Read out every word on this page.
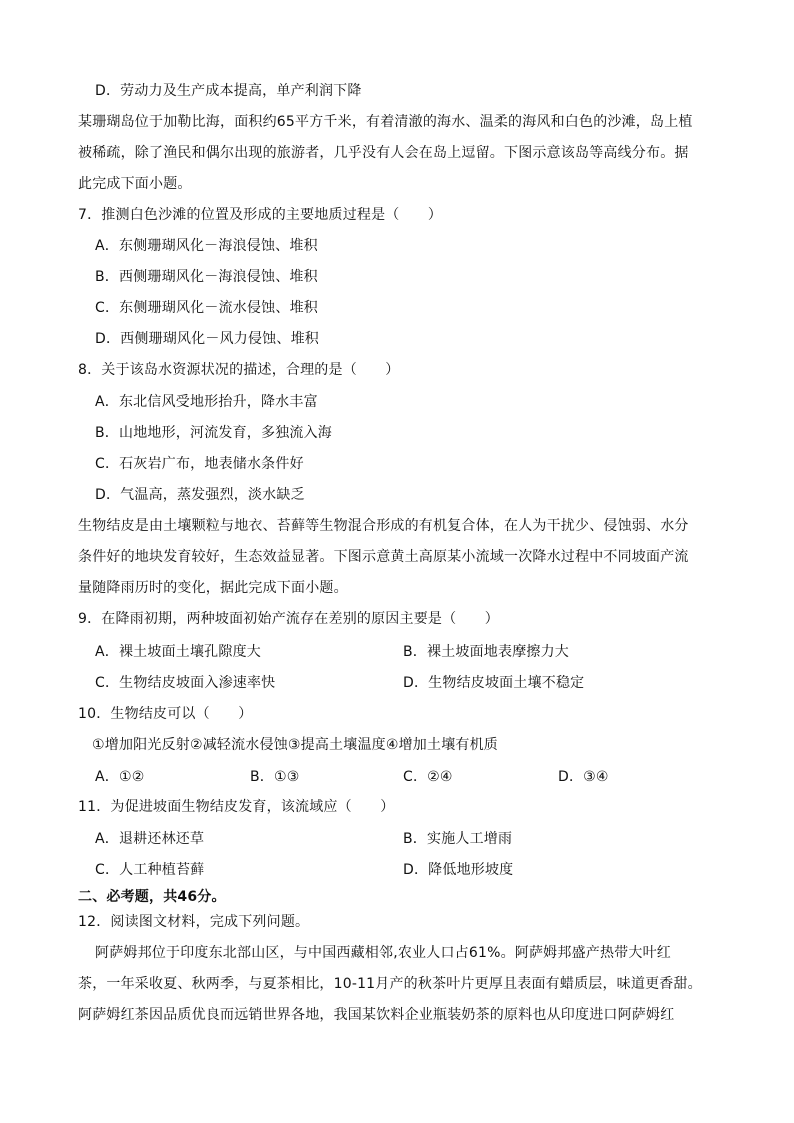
D．劳动力及生产成本提高，单产利润下降
某珊瑚岛位于加勒比海，面积约65平方千米，有着清澈的海水、温柔的海风和白色的沙滩，岛上植
被稀疏，除了渔民和偶尔出现的旅游者，几乎没有人会在岛上逗留。下图示意该岛等高线分布。据
此完成下面小题。
7．推测白色沙滩的位置及形成的主要地质过程是（　　）
A．东侧珊瑚风化－海浪侵蚀、堆积
B．西侧珊瑚风化－海浪侵蚀、堆积
C．东侧珊瑚风化－流水侵蚀、堆积
D．西侧珊瑚风化－风力侵蚀、堆积
8．关于该岛水资源状况的描述，合理的是（　　）
A．东北信风受地形抬升，降水丰富
B．山地地形，河流发育，多独流入海
C．石灰岩广布，地表储水条件好
D．气温高，蒸发强烈，淡水缺乏
生物结皮是由土壤颗粒与地衣、苔藓等生物混合形成的有机复合体，在人为干扰少、侵蚀弱、水分
条件好的地块发育较好，生态效益显著。下图示意黄土高原某小流域一次降水过程中不同坡面产流
量随降雨历时的变化，据此完成下面小题。
9．在降雨初期，两种坡面初始产流存在差别的原因主要是（　　）
A．裸土坡面土壤孔隙度大	B．裸土坡面地表摩擦力大
C．生物结皮坡面入渗速率快	D．生物结皮坡面土壤不稳定
10．生物结皮可以（　　）
①增加阳光反射②减轻流水侵蚀③提高土壤温度④增加土壤有机质
A．①②	B．①③	C．②④	D．③④
11．为促进坡面生物结皮发育，该流域应（　　）
A．退耕还林还草	B．实施人工增雨
C．人工种植苔藓	D．降低地形坡度
二、必考题，共46分。
12．阅读图文材料，完成下列问题。
阿萨姆邦位于印度东北部山区，与中国西藏相邻,农业人口占61%。阿萨姆邦盛产热带大叶红
茶，一年采收夏、秋两季，与夏茶相比，10-11月产的秋茶叶片更厚且表面有蜡质层，味道更香甜。
阿萨姆红茶因品质优良而远销世界各地，我国某饮料企业瓶装奶茶的原料也从印度进口阿萨姆红
